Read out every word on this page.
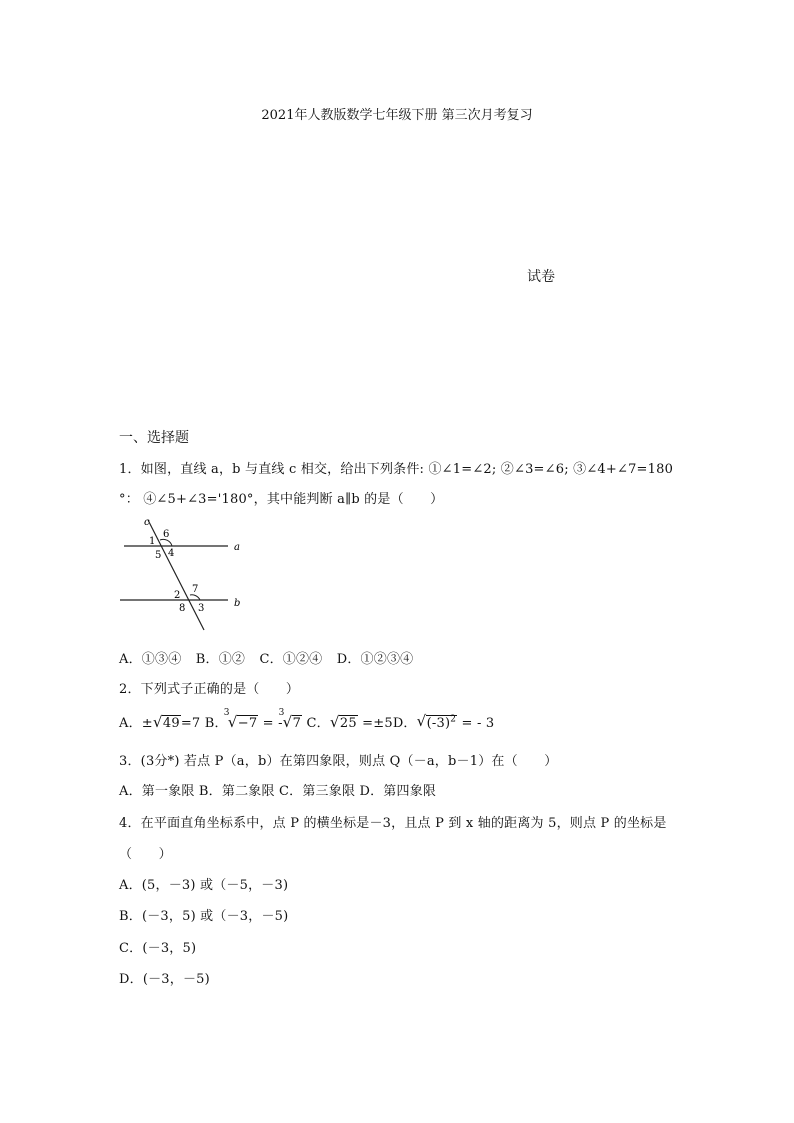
2021年人教版数学七年级下册 第三次月考复习
试卷
一、选择题
1．如图，直线 a，b 与直线 c 相交，给出下列条件: ①∠1=∠2; ②∠3=∠6; ③∠4+∠7=180
°： ④∠5+∠3='180°，其中能判断 a∥b 的是（　　）
c
a
b
1
6
4
5
2
7
8 3
A．①③④ B．①② C．①②④ D．①②③④
2．下列式子正确的是（　　）
A．± √ 49=7 B．
3
√ −7 = -
3
√ 7 C． √ 25 =±5D． √ $(-3)^2$ = - 3
3．(3分*) 若点 P（a，b）在第四象限，则点 Q（－a，b－1）在（　　）
A．第一象限 B．第二象限 C．第三象限 D．第四象限
4．在平面直角坐标系中，点 P 的横坐标是－3，且点 P 到 x 轴的距离为 5，则点 P 的坐标是
（　　）
A．(5，－3) 或（－5，－3)
B．(－3，5) 或（－3，－5)
C．(－3，5)
D．(－3，－5)
